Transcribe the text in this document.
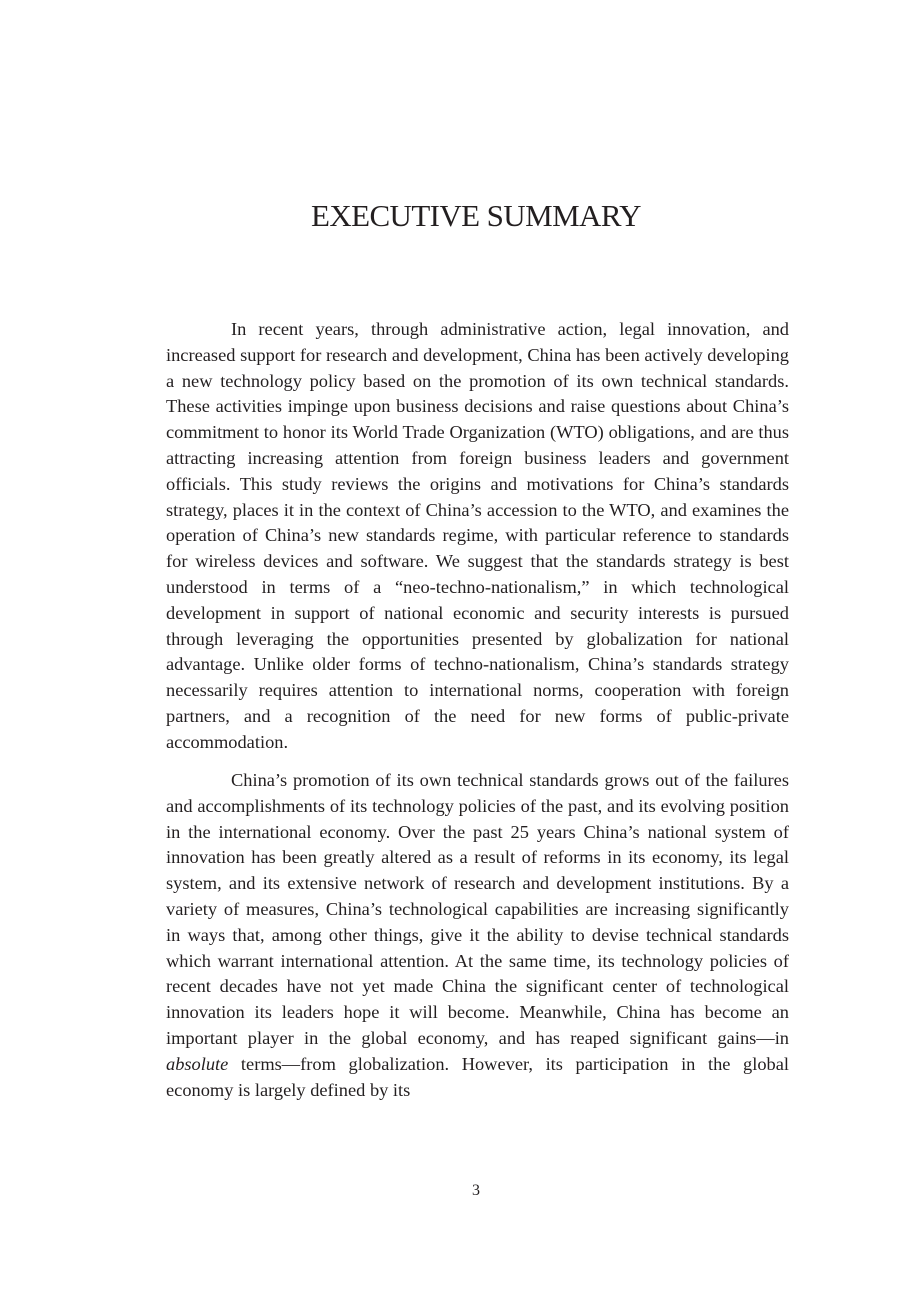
EXECUTIVE SUMMARY

In recent years, through administrative action, legal innovation, and increased support for research and development, China has been actively developing a new technology policy based on the promotion of its own technical standards. These activities impinge upon business decisions and raise questions about China’s commitment to honor its World Trade Organization (WTO) obligations, and are thus attracting increasing attention from foreign business leaders and government officials. This study reviews the origins and motivations for China’s standards strategy, places it in the context of China’s accession to the WTO, and examines the operation of China’s new standards regime, with particular reference to standards for wireless devices and software. We suggest that the standards strategy is best understood in terms of a “neo-techno-nationalism,” in which technological development in support of national economic and security interests is pursued through leveraging the opportunities presented by globalization for national advantage. Unlike older forms of techno-nationalism, China’s standards strategy necessarily requires attention to international norms, cooperation with foreign partners, and a recognition of the need for new forms of public-private accommodation.

China’s promotion of its own technical standards grows out of the failures and accomplishments of its technology policies of the past, and its evolving position in the international economy. Over the past 25 years China’s national system of innovation has been greatly altered as a result of reforms in its economy, its legal system, and its extensive network of research and development institutions. By a variety of measures, China’s technological capabilities are increasing significantly in ways that, among other things, give it the ability to devise technical standards which warrant international attention. At the same time, its technology policies of recent decades have not yet made China the significant center of technological innovation its leaders hope it will become. Meanwhile, China has become an important player in the global economy, and has reaped significant gains—in absolute terms—from globalization. However, its participation in the global economy is largely defined by its

3
